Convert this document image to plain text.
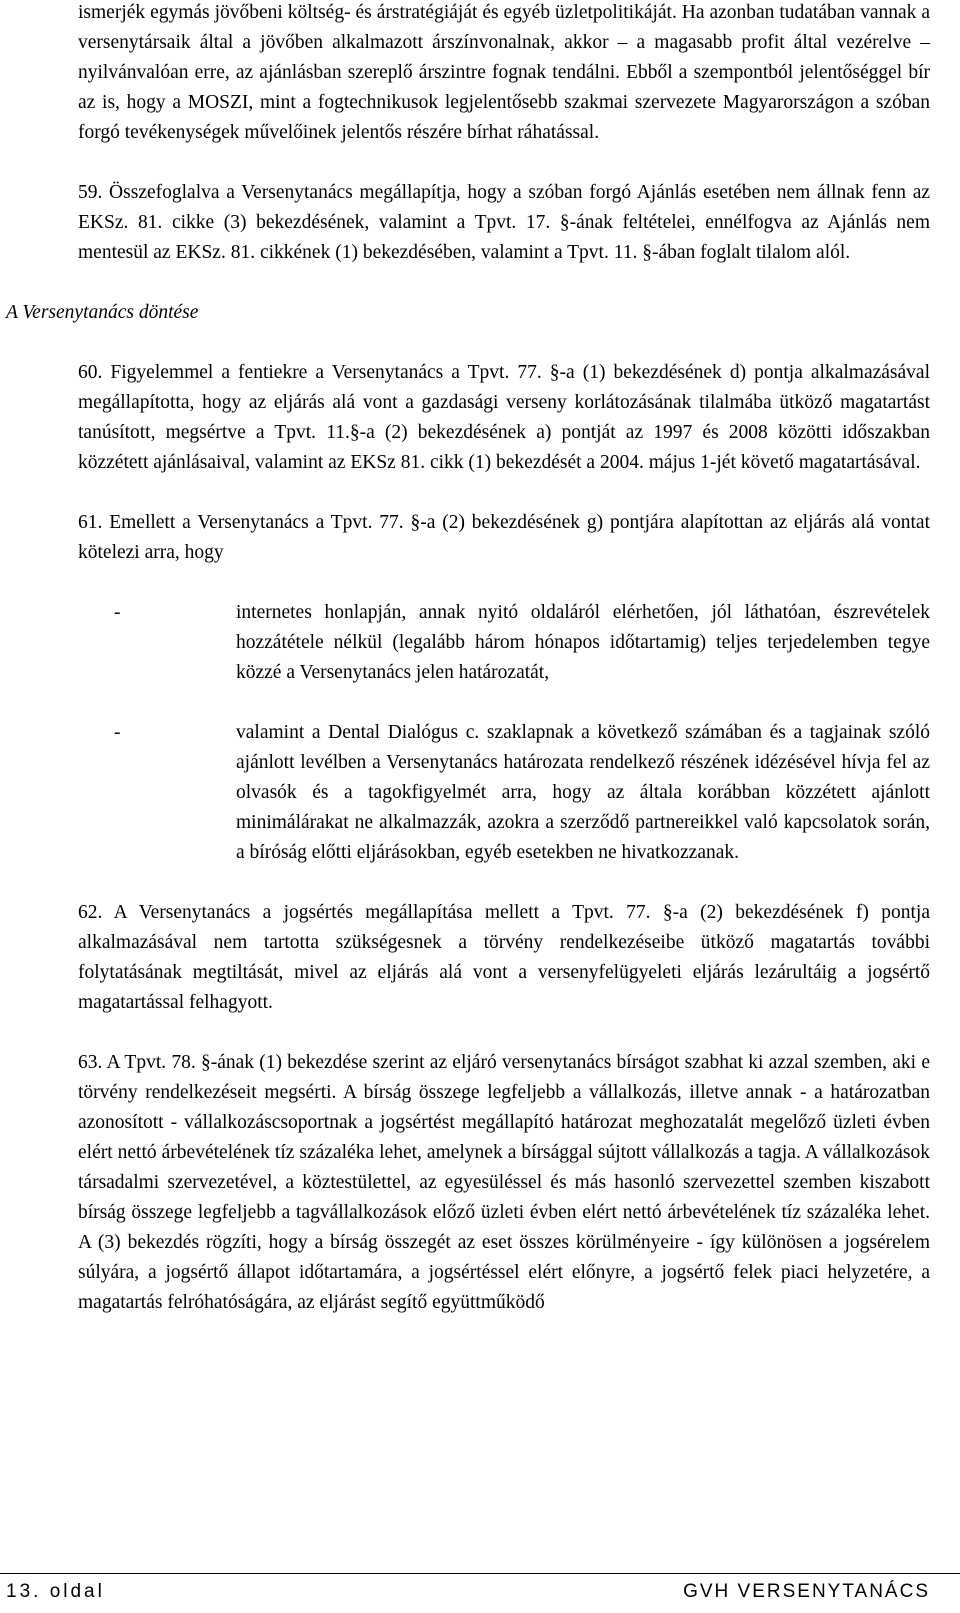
ismerjék egymás jövőbeni költség- és árstratégiáját és egyéb üzletpolitikáját. Ha azonban tudatában vannak a versenytársaik által a jövőben alkalmazott árszínvonalnak, akkor – a magasabb profit által vezérelve – nyilvánvalóan erre, az ajánlásban szereplő árszintre fognak tendálni. Ebből a szempontból jelentőséggel bír az is, hogy a MOSZI, mint a fogtechnikusok legjelentősebb szakmai szervezete Magyarországon a szóban forgó tevékenységek művelőinek jelentős részére bírhat ráhatással.

59. Összefoglalva a Versenytanács megállapítja, hogy a szóban forgó Ajánlás esetében nem állnak fenn az EKSz. 81. cikke (3) bekezdésének, valamint a Tpvt. 17. §-ának feltételei, ennélfogva az Ajánlás nem mentesül az EKSz. 81. cikkének (1) bekezdésében, valamint a Tpvt. 11. §-ában foglalt tilalom alól.

A Versenytanács döntése

60. Figyelemmel a fentiekre a Versenytanács a Tpvt. 77. §-a (1) bekezdésének d) pontja alkalmazásával megállapította, hogy az eljárás alá vont a gazdasági verseny korlátozásának tilalmába ütköző magatartást tanúsított, megsértve a Tpvt. 11.§-a (2) bekezdésének a) pontját az 1997 és 2008 közötti időszakban közzétett ajánlásaival, valamint az EKSz 81. cikk (1) bekezdését a 2004. május 1-jét követő magatartásával.

61. Emellett a Versenytanács a Tpvt. 77. §-a (2) bekezdésének g) pontjára alapítottan az eljárás alá vontat kötelezi arra, hogy

-	internetes honlapján, annak nyitó oldaláról elérhetően, jól láthatóan, észrevételek hozzátétele nélkül (legalább három hónapos időtartamig) teljes terjedelemben tegye közzé a Versenytanács jelen határozatát,

-	valamint a Dental Dialógus c. szaklapnak a következő számában és a tagjainak szóló ajánlott levélben a Versenytanács határozata rendelkező részének idézésével hívja fel az olvasók és a tagokfigyelmét arra, hogy az általa korábban közzétett ajánlott minimálárakat ne alkalmazzák, azokra a szerződő partnereikkel való kapcsolatok során, a bíróság előtti eljárásokban, egyéb esetekben ne hivatkozzanak.

62. A Versenytanács a jogsértés megállapítása mellett a Tpvt. 77. §-a (2) bekezdésének f) pontja alkalmazásával nem tartotta szükségesnek a törvény rendelkezéseibe ütköző magatartás további folytatásának megtiltását, mivel az eljárás alá vont a versenyfelügyeleti eljárás lezárultáig a jogsértő magatartással felhagyott.

63. A Tpvt. 78. §-ának (1) bekezdése szerint az eljáró versenytanács bírságot szabhat ki azzal szemben, aki e törvény rendelkezéseit megsérti. A bírság összege legfeljebb a vállalkozás, illetve annak - a határozatban azonosított - vállalkozáscsoportnak a jogsértést megállapító határozat meghozatalát megelőző üzleti évben elért nettó árbevételének tíz százaléka lehet, amelynek a bírsággal sújtott vállalkozás a tagja. A vállalkozások társadalmi szervezetével, a köztestülettel, az egyesüléssel és más hasonló szervezettel szemben kiszabott bírság összege legfeljebb a tagvállalkozások előző üzleti évben elért nettó árbevételének tíz százaléka lehet. A (3) bekezdés rögzíti, hogy a bírság összegét az eset összes körülményeire - így különösen a jogsérelem súlyára, a jogsértő állapot időtartamára, a jogsértéssel elért előnyre, a jogsértő felek piaci helyzetére, a magatartás felróhatóságára, az eljárást segítő együttműködő

13. oldal	GVH VERSENYTANÁCS
